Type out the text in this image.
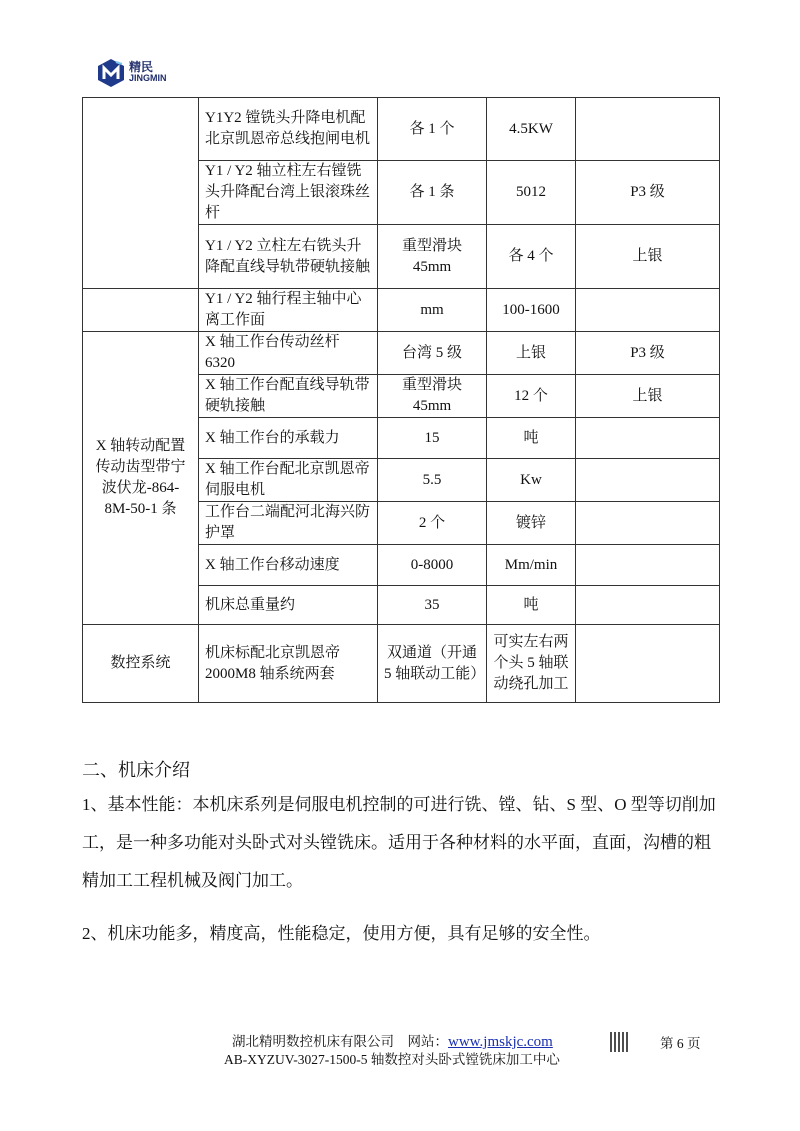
精民
JINGMIN
	Y1Y2 镗铣头升降电机配北京凯恩帝总线抱闸电机	各 1 个	4.5KW	
	Y1 / Y2 轴立柱左右镗铣头升降配台湾上银滚珠丝杆	各 1 条	5012	P3 级
	Y1 / Y2 立柱左右铣头升降配直线导轨带硬轨接触	重型滑块 45mm	各 4 个	上银
	Y1 / Y2 轴行程主轴中心离工作面	mm	100-1600	
X 轴转动配置传动齿型带宁波伏龙-864-8M-50-1 条	X 轴工作台传动丝杆 6320	台湾 5 级	上银	P3 级
	X 轴工作台配直线导轨带硬轨接触	重型滑块 45mm	12 个	上银
	X 轴工作台的承载力	15	吨	
	X 轴工作台配北京凯恩帝伺服电机	5.5	Kw	
	工作台二端配河北海兴防护罩	2 个	镀锌	
	X 轴工作台移动速度	0-8000	Mm/min	
	机床总重量约	35	吨	
数控系统	机床标配北京凯恩帝 2000M8 轴系统两套	双通道（开通 5 轴联动工能）	可实左右两个头 5 轴联动绕孔加工	
二、机床介绍

1、基本性能：本机床系列是伺服电机控制的可进行铣、镗、钻、S 型、O 型等切削加工，是一种多功能对头卧式对头镗铣床。适用于各种材料的水平面，直面，沟槽的粗精加工工程机械及阀门加工。

2、机床功能多，精度高，性能稳定，使用方便，具有足够的安全性。

湖北精明数控机床有限公司 网站：www.jmskjc.com	第 6 页
AB-XYZUV-3027-1500-5 轴数控对头卧式镗铣床加工中心
